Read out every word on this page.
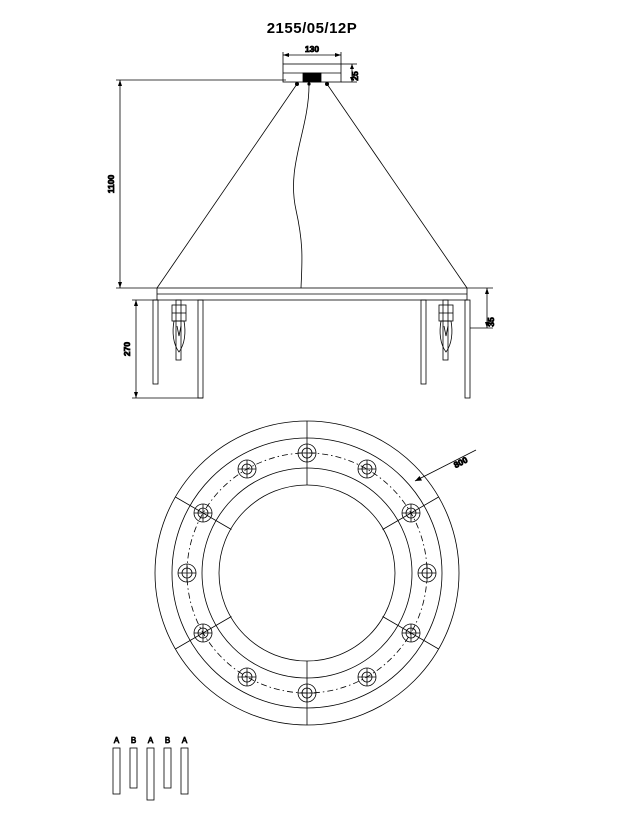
2155/05/12P
130
25
1100
270
35
800
A B A B A
